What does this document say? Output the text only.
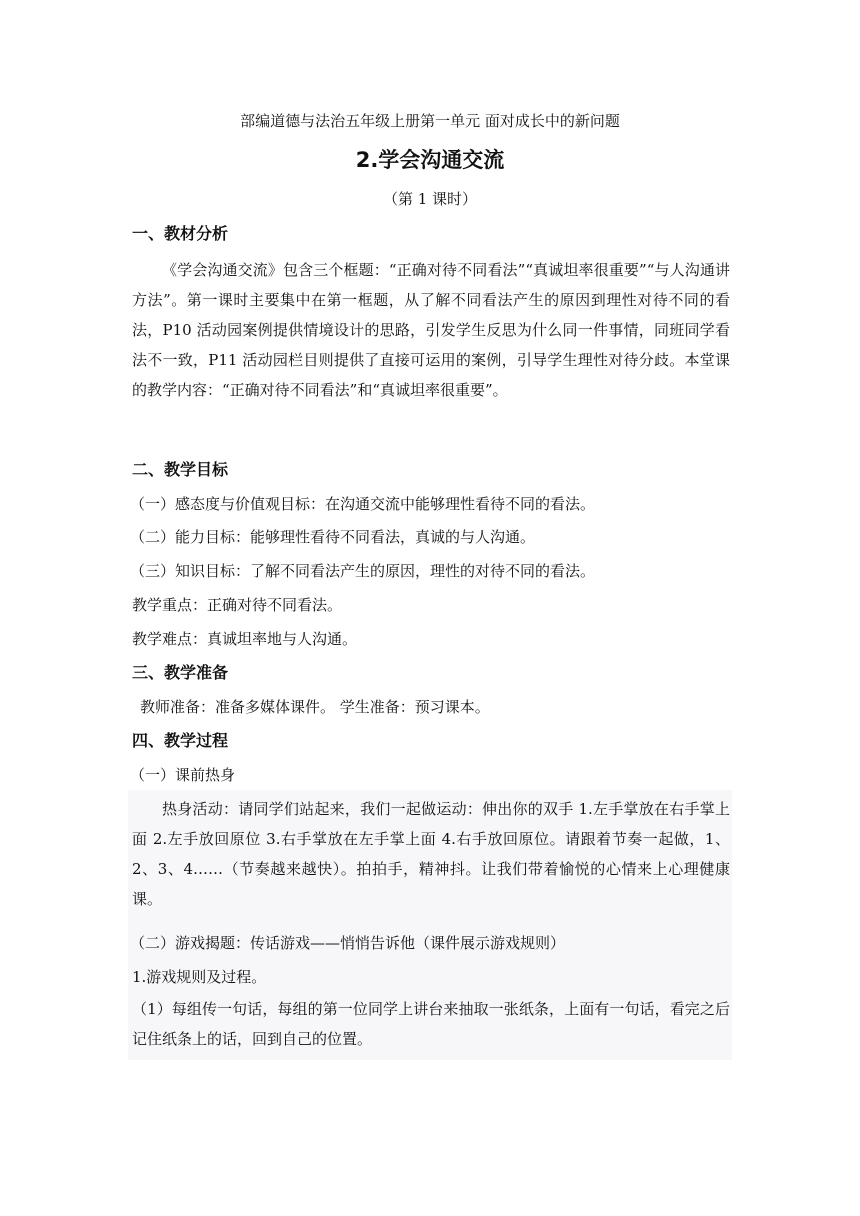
部编道德与法治五年级上册第一单元 面对成长中的新问题
2.学会沟通交流
（第 1 课时）
一、教材分析
《学会沟通交流》包含三个框题：“正确对待不同看法”“真诚坦率很重要”“与人沟通讲方法”。第一课时主要集中在第一框题，从了解不同看法产生的原因到理性对待不同的看法，P10 活动园案例提供情境设计的思路，引发学生反思为什么同一件事情，同班同学看法不一致，P11 活动园栏目则提供了直接可运用的案例，引导学生理性对待分歧。本堂课的教学内容：“正确对待不同看法”和“真诚坦率很重要”。
二、教学目标
（一）感态度与价值观目标：在沟通交流中能够理性看待不同的看法。
（二）能力目标：能够理性看待不同看法，真诚的与人沟通。
（三）知识目标：了解不同看法产生的原因，理性的对待不同的看法。
教学重点：正确对待不同看法。
教学难点：真诚坦率地与人沟通。
三、教学准备
教师准备：准备多媒体课件。 学生准备：预习课本。
四、教学过程
（一）课前热身
热身活动：请同学们站起来，我们一起做运动：伸出你的双手 1.左手掌放在右手掌上面 2.左手放回原位 3.右手掌放在左手掌上面 4.右手放回原位。请跟着节奏一起做，1、2、3、4……（节奏越来越快）。拍拍手，精神抖。让我们带着愉悦的心情来上心理健康课。
（二）游戏揭题：传话游戏——悄悄告诉他（课件展示游戏规则）
1.游戏规则及过程。
（1）每组传一句话，每组的第一位同学上讲台来抽取一张纸条，上面有一句话，看完之后记住纸条上的话，回到自己的位置。
